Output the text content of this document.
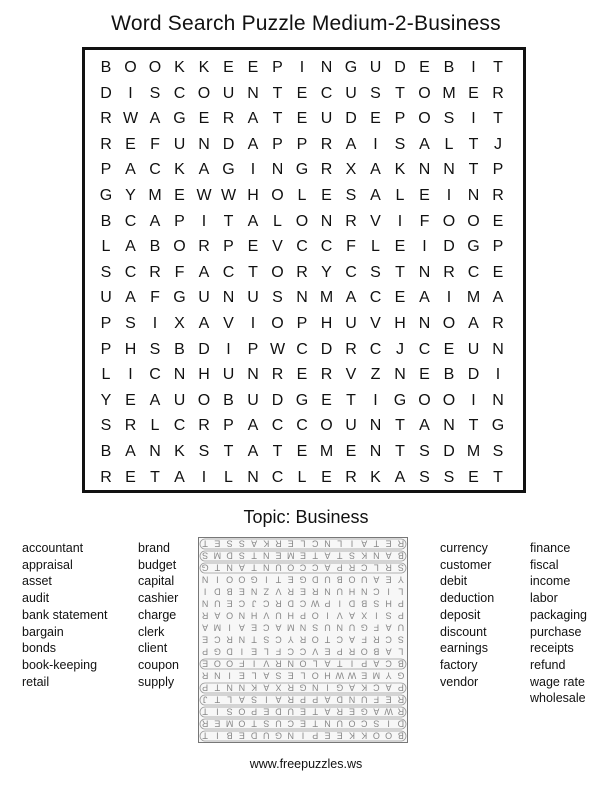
Word Search Puzzle Medium-2-Business
B O O K K E E P	I	N G U D E B	I	T
D	I	S C O U N T E C U S T O M E R
R W A G E R A T E U D E P O S	I	T
R E F U N D A P P R A	I	S A L T J
P A C K A G	I	N G R X A K N N T P
G Y M E W W H O L E S A L E	I	N R
B C A P	I	T A L O N R V	I	F O O E
L A B O R P E V C C F L E	I	D G P
S C R F A C T O R Y C S T N R C E
U A F G U N U S N M A C E A	I M A
P S	I	X A V	I	O P H U V H N O A R
P H S B D	I	P W C D R C J C E U N
L	I	C N H U N R E R V Z N E B D	I
Y E A U O B U D G E T	I	G O O	I	N
S R L C R P A C C O U N T A N T G
B A N K S T A T E M E N T S D M S
R E T A	I	L N C L E R K A S S E T
Topic: Business
accountant
appraisal
asset
audit
bank statement
bargain
bonds
book-keeping
retail
brand
budget
capital
cashier
charge
clerk
client
coupon
supply
B
O
O
K
K
E
E
P
I
N
G
U
D
E
B
I
T
D
I
S
C
O
U
N
T
E
C
U
S
T
O
M
E
R
R
W
A
G
E
R
A
T
E
U
D
E
P
O
S
I
T
R
E
F
U
N
D
A
P
P
R
A
I
S
A
L
T
J
P
A
C
K
A
G
I
N
G
R
X
A
K
N
N
T
P
G
Y
M
E
W
W
H
O
L
E
S
A
L
E
I
N
R
B
C
A
P
I
T
A
L
O
N
R
V
I
F
O
O
E
L
A
B
O
R
P
E
V
C
C
F
L
E
I
D
G
P
S
C
R
F
A
C
T
O
R
Y
C
S
T
N
R
C
E
U
A
F
G
U
N
U
S
N
M
A
C
E
A
I
M
A
P
S
I
X
A
V
I
O
P
H
U
V
H
N
O
A
R
P
H
S
B
D
I
P
W
C
D
R
C
J
C
E
U
N
L
I
C
N
H
U
N
R
E
R
V
Z
N
E
B
D
I
Y
E
A
U
O
B
U
D
G
E
T
I
G
O
O
I
N
S
R
L
C
R
P
A
C
C
O
U
N
T
A
N
T
G
B
A
N
K
S
T
A
T
E
M
E
N
T
S
D
M
S
R
E
T
A
I
L
N
C
L
E
R
K
A
S
S
E
T	currency
customer
debit
deduction
deposit
discount
earnings
factory
vendor
finance
fiscal
income
labor
packaging
purchase
receipts
refund
wage rate
wholesale
www.freepuzzles.ws
